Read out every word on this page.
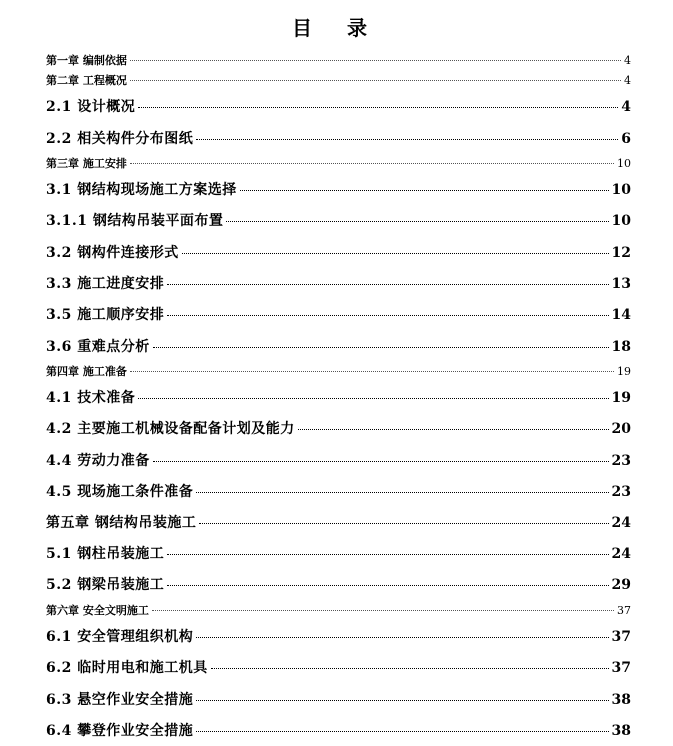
目 录
第一章 编制依据	4
第二章 工程概况	4
2.1 设计概况	4
2.2 相关构件分布图纸	6
第三章 施工安排	10
3.1 钢结构现场施工方案选择	10
3.1.1 钢结构吊装平面布置	10
3.2 钢构件连接形式	12
3.3 施工进度安排	13
3.5 施工顺序安排	14
3.6 重难点分析	18
第四章 施工准备	19
4.1 技术准备	19
4.2 主要施工机械设备配备计划及能力	20
4.4 劳动力准备	23
4.5 现场施工条件准备	23
第五章 钢结构吊装施工	24
5.1 钢柱吊装施工	24
5.2 钢梁吊装施工	29
第六章 安全文明施工	37
6.1 安全管理组织机构	37
6.2 临时用电和施工机具	37
6.3 悬空作业安全措施	38
6.4 攀登作业安全措施	38
